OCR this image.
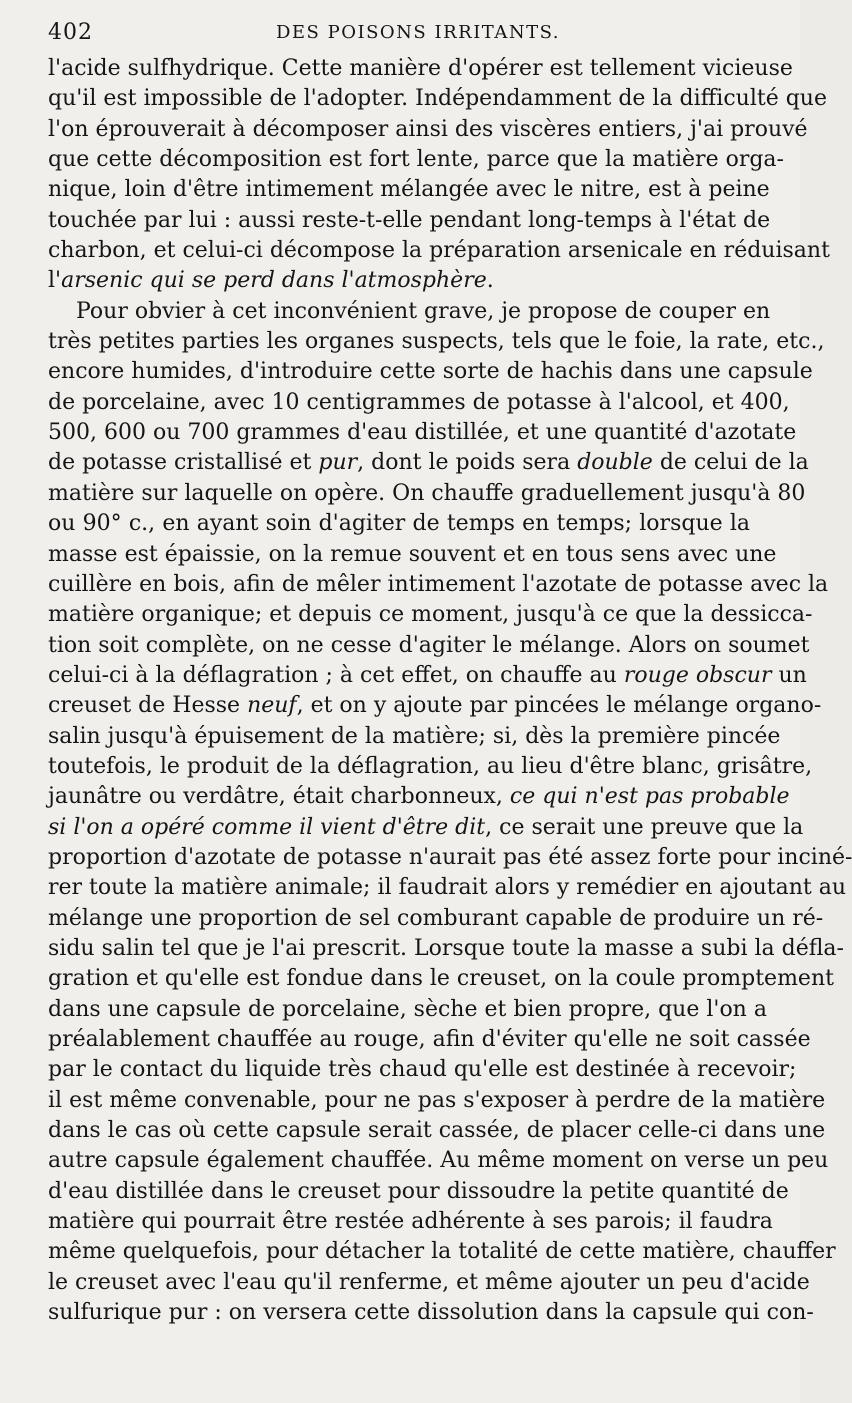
402	DES POISONS IRRITANTS.
l'acide sulfhydrique. Cette manière d'opérer est tellement vicieuse
qu'il est impossible de l'adopter. Indépendamment de la difficulté que
l'on éprouverait à décomposer ainsi des viscères entiers, j'ai prouvé
que cette décomposition est fort lente, parce que la matière orga-
nique, loin d'être intimement mélangée avec le nitre, est à peine
touchée par lui : aussi reste-t-elle pendant long-temps à l'état de
charbon, et celui-ci décompose la préparation arsenicale en réduisant
l'arsenic qui se perd dans l'atmosphère.
Pour obvier à cet inconvénient grave, je propose de couper en
très petites parties les organes suspects, tels que le foie, la rate, etc.,
encore humides, d'introduire cette sorte de hachis dans une capsule
de porcelaine, avec 10 centigrammes de potasse à l'alcool, et 400,
500, 600 ou 700 grammes d'eau distillée, et une quantité d'azotate
de potasse cristallisé et pur, dont le poids sera double de celui de la
matière sur laquelle on opère. On chauffe graduellement jusqu'à 80
ou 90° c., en ayant soin d'agiter de temps en temps; lorsque la
masse est épaissie, on la remue souvent et en tous sens avec une
cuillère en bois, afin de mêler intimement l'azotate de potasse avec la
matière organique; et depuis ce moment, jusqu'à ce que la dessicca-
tion soit complète, on ne cesse d'agiter le mélange. Alors on soumet
celui-ci à la déflagration ; à cet effet, on chauffe au rouge obscur un
creuset de Hesse neuf, et on y ajoute par pincées le mélange organo-
salin jusqu'à épuisement de la matière; si, dès la première pincée
toutefois, le produit de la déflagration, au lieu d'être blanc, grisâtre,
jaunâtre ou verdâtre, était charbonneux, ce qui n'est pas probable
si l'on a opéré comme il vient d'être dit, ce serait une preuve que la
proportion d'azotate de potasse n'aurait pas été assez forte pour inciné-
rer toute la matière animale; il faudrait alors y remédier en ajoutant au
mélange une proportion de sel comburant capable de produire un ré-
sidu salin tel que je l'ai prescrit. Lorsque toute la masse a subi la défla-
gration et qu'elle est fondue dans le creuset, on la coule promptement
dans une capsule de porcelaine, sèche et bien propre, que l'on a
préalablement chauffée au rouge, afin d'éviter qu'elle ne soit cassée
par le contact du liquide très chaud qu'elle est destinée à recevoir;
il est même convenable, pour ne pas s'exposer à perdre de la matière
dans le cas où cette capsule serait cassée, de placer celle-ci dans une
autre capsule également chauffée. Au même moment on verse un peu
d'eau distillée dans le creuset pour dissoudre la petite quantité de
matière qui pourrait être restée adhérente à ses parois; il faudra
même quelquefois, pour détacher la totalité de cette matière, chauffer
le creuset avec l'eau qu'il renferme, et même ajouter un peu d'acide
sulfurique pur : on versera cette dissolution dans la capsule qui con-
